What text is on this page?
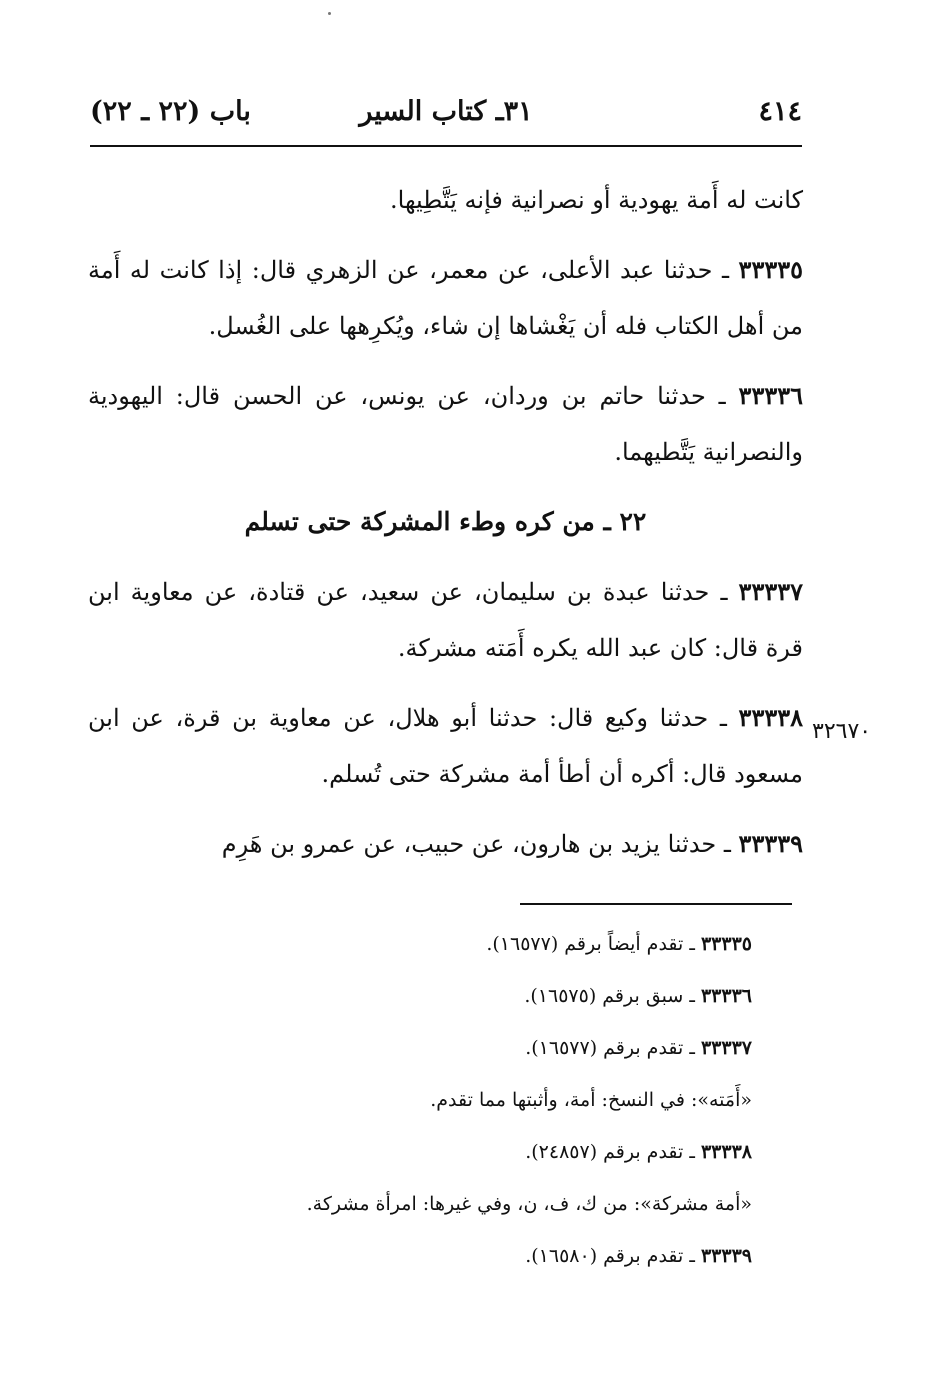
٤١٤
٣١ـ كتاب السير
باب (٢٢ ـ ٢٢)

كانت له أَمة يهودية أو نصرانية فإنه يَتَّطِيها.

٣٣٣٣٥ ـ حدثنا عبد الأعلى، عن معمر، عن الزهري قال: إذا كانت له أَمة من أهل الكتاب فله أن يَغْشاها إن شاء، ويُكرِهها على الغُسل.

٣٣٣٣٦ ـ حدثنا حاتم بن وردان، عن يونس، عن الحسن قال: اليهودية والنصرانية يَتَّطيهما.

٢٢ ـ من كره وطء المشركة حتى تسلم

٣٣٣٣٧ ـ حدثنا عبدة بن سليمان، عن سعيد، عن قتادة، عن معاوية ابن قرة قال: كان عبد الله يكره أَمَته مشركة.

٣٣٣٣٨ ـ حدثنا وكيع قال: حدثنا أبو هلال، عن معاوية بن قرة، عن ابن مسعود قال: أكره أن أطأ أمة مشركة حتى تُسلم.

٣٣٣٣٩ ـ حدثنا يزيد بن هارون، عن حبيب، عن عمرو بن هَرِم

٣٢٦٧٠

٣٣٣٣٥ ـ تقدم أيضاً برقم (١٦٥٧٧).

٣٣٣٣٦ ـ سبق برقم (١٦٥٧٥).

٣٣٣٣٧ ـ تقدم برقم (١٦٥٧٧).

«أَمَته»: في النسخ: أمة، وأثبتها مما تقدم.

٣٣٣٣٨ ـ تقدم برقم (٢٤٨٥٧).

«أمة مشركة»: من ك، ف، ن، وفي غيرها: امرأة مشركة.

٣٣٣٣٩ ـ تقدم برقم (١٦٥٨٠).
